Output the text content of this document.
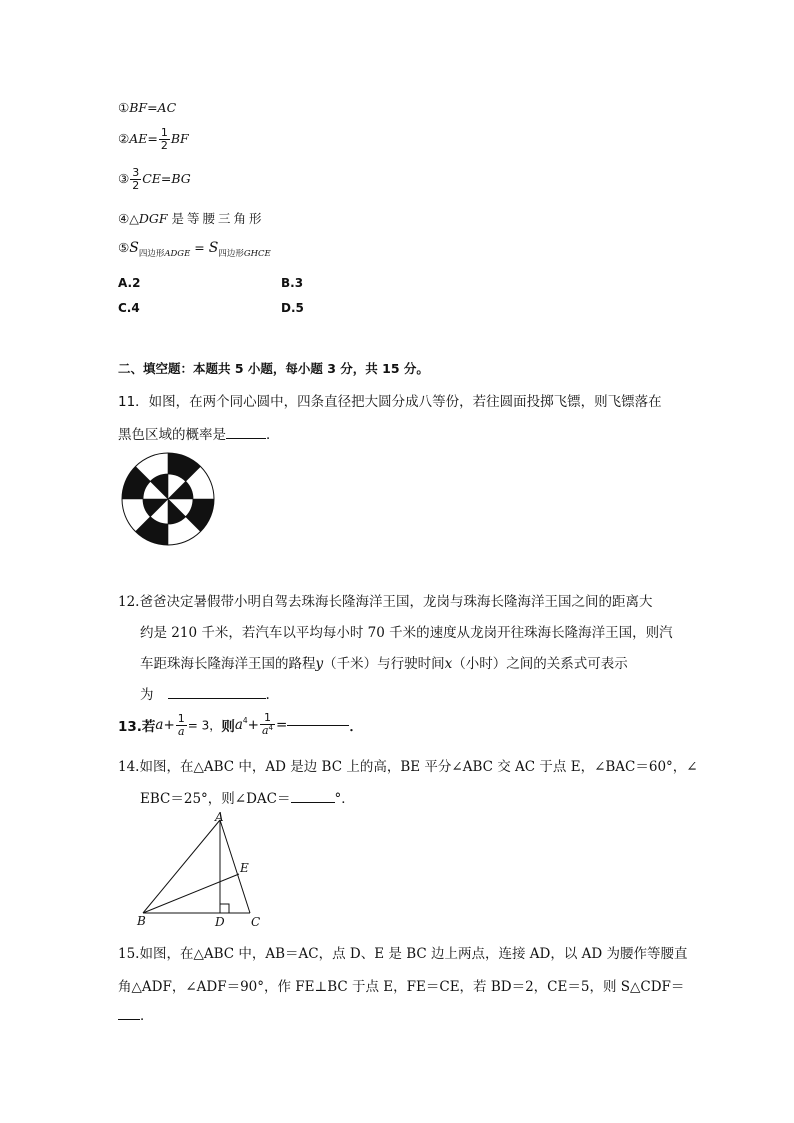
①BF=AC
②AE= $\frac{1}{2}$ BF
③ $\frac{3}{2} CE=BG$
④△DGF 是等腰三角形
$⑤S_{四边形ADGE} = S_{四边形GHCE}$
A.2	B.3
C.4	D.5
二、填空题：本题共 5 小题，每小题 3 分，共 15 分。
11．如图，在两个同心圆中，四条直径把大圆分成八等份，若往圆面投掷飞镖，则飞镖落在
黑色区域的概率是	．
12.爸爸决定暑假带小明自驾去珠海长隆海洋王国，龙岗与珠海长隆海洋王国之间的距离大
约是 210 千米，若汽车以平均每小时 70 千米的速度从龙岗开往珠海长隆海洋王国，则汽
车距珠海长隆海洋王国的路程y（千米）与行驶时间x（小时）之间的关系式可表示
为	.
13.若$a+ \frac{1}{a} = 3$，则$a^4+ \frac{1}{a^4}$ =	．
14.如图，在△ABC 中，AD 是边 BC 上的高，BE 平分∠ABC 交 AC 于点 E，∠BAC＝60°，∠
EBC＝25°，则∠DAC＝	°．
A
B	C
D
E
15.如图，在△ABC 中，AB＝AC，点 D、E 是 BC 边上两点，连接 AD，以 AD 为腰作等腰直
角△ADF，∠ADF＝90°，作 FE⊥BC 于点 E，FE＝CE，若 BD＝2，CE＝5，则 S△CDF＝
．
